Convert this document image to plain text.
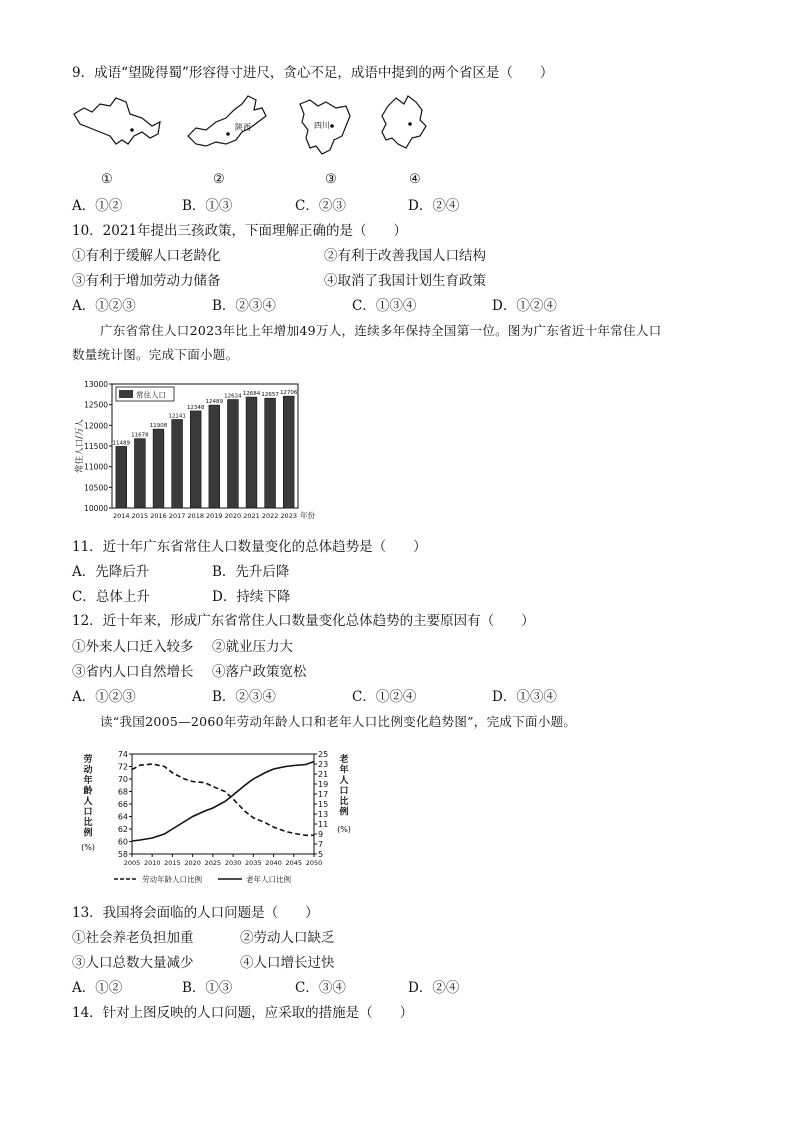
9．成语“望陇得蜀”形容得寸进尺，贪心不足，成语中提到的两个省区是（　　）
陕西	四川
①	②	③	④
A．①②	B．①③	C．②③	D．②④
10．2021年提出三孩政策，下面理解正确的是（　　）
①有利于缓解人口老龄化	②有利于改善我国人口结构
③有利于增加劳动力储备	④取消了我国计划生育政策
A．①②③	B．②③④	C．①③④	D．①②④
广东省常住人口2023年比上年增加49万人，连续多年保持全国第一位。图为广东省近十年常住人口
数量统计图。完成下面小题。
10000
10500
11000
11500
12000
12500
13000
常住人口/万人	11489
2014
11678
2015
11908
2016
12141
2017
12348
2018
12489
2019
12624
2020
12684
2021
12657
2022
12706
2023 年份
常住人口
11．近十年广东省常住人口数量变化的总体趋势是（　　）
A．先降后升	B．先升后降
C．总体上升	D．持续下降
12．近十年来，形成广东省常住人口数量变化总体趋势的主要原因有（　　）
①外来人口迁入较多 ②就业压力大
③省内人口自然增长 ④落户政策宽松
A．①②③	B．②③④	C．①②④	D．①③④
读“我国2005—2060年劳动年龄人口和老年人口比例变化趋势图”，完成下面小题。
58
60
62
64
66
68
70
72
74
5
7
9
11
13
15
17
19
21
23
25
2005 2010 2015 2020 2025 2030 2035 2040 2045 2050
劳动年龄人口比例
(%)
老年人口比例
(%)
劳动年龄人口比例	老年人口比例
13．我国将会面临的人口问题是（　　）
①社会养老负担加重	②劳动人口缺乏
③人口总数大量减少	④人口增长过快
A．①②	B．①③	C．③④	D．②④
14．针对上图反映的人口问题，应采取的措施是（　　）
